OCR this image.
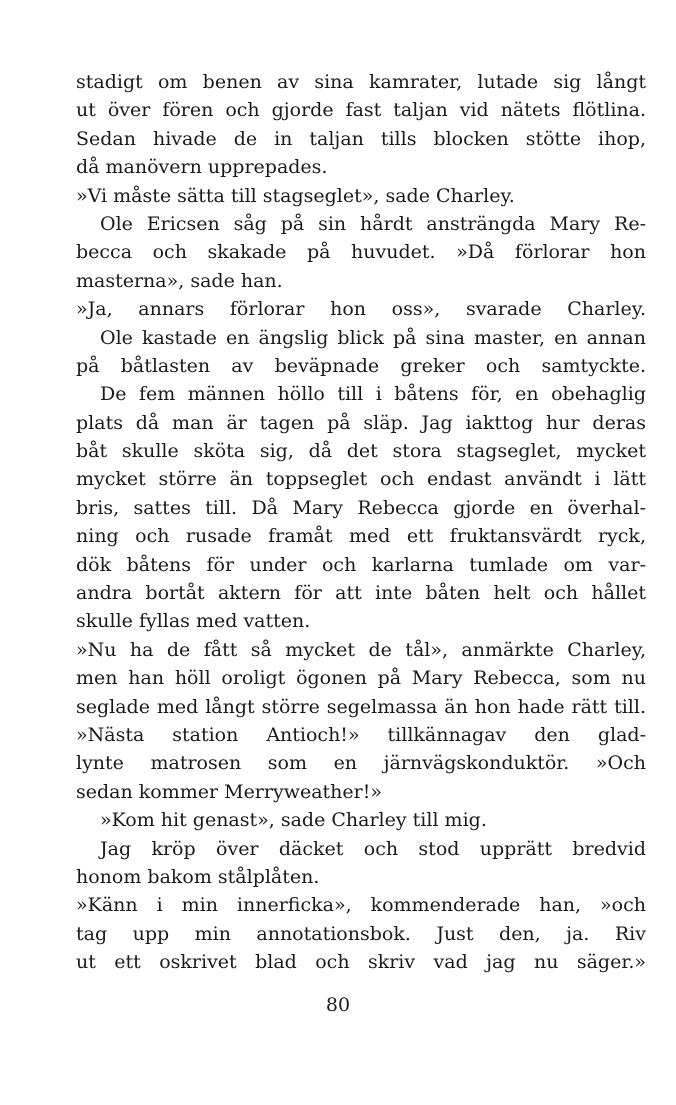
stadigt om benen av sina kamrater, lutade sig långt
ut över fören och gjorde fast taljan vid nätets flötlina.
Sedan hivade de in taljan tills blocken stötte ihop,
då manövern upprepades.
»Vi måste sätta till stagseglet», sade Charley.
Ole Ericsen såg på sin hårdt ansträngda Mary Re-
becca och skakade på huvudet. »Då förlorar hon
masterna», sade han.
»Ja, annars förlorar hon oss», svarade Charley.
Ole kastade en ängslig blick på sina master, en annan
på båtlasten av beväpnade greker och samtyckte.
De fem männen höllo till i båtens för, en obehaglig
plats då man är tagen på släp. Jag iakttog hur deras
båt skulle sköta sig, då det stora stagseglet, mycket
mycket större än toppseglet och endast användt i lätt
bris, sattes till. Då Mary Rebecca gjorde en överhal-
ning och rusade framåt med ett fruktansvärdt ryck,
dök båtens för under och karlarna tumlade om var-
andra bortåt aktern för att inte båten helt och hållet
skulle fyllas med vatten.
»Nu ha de fått så mycket de tål», anmärkte Charley,
men han höll oroligt ögonen på Mary Rebecca, som nu
seglade med långt större segelmassa än hon hade rätt till.
»Nästa station Antioch!» tillkännagav den glad-
lynte matrosen som en järnvägskonduktör. »Och
sedan kommer Merryweather!»
»Kom hit genast», sade Charley till mig.
Jag kröp över däcket och stod upprätt bredvid
honom bakom stålplåten.
»Känn i min innerficka», kommenderade han, »och
tag upp min annotationsbok. Just den, ja. Riv
ut ett oskrivet blad och skriv vad jag nu säger.»
80
